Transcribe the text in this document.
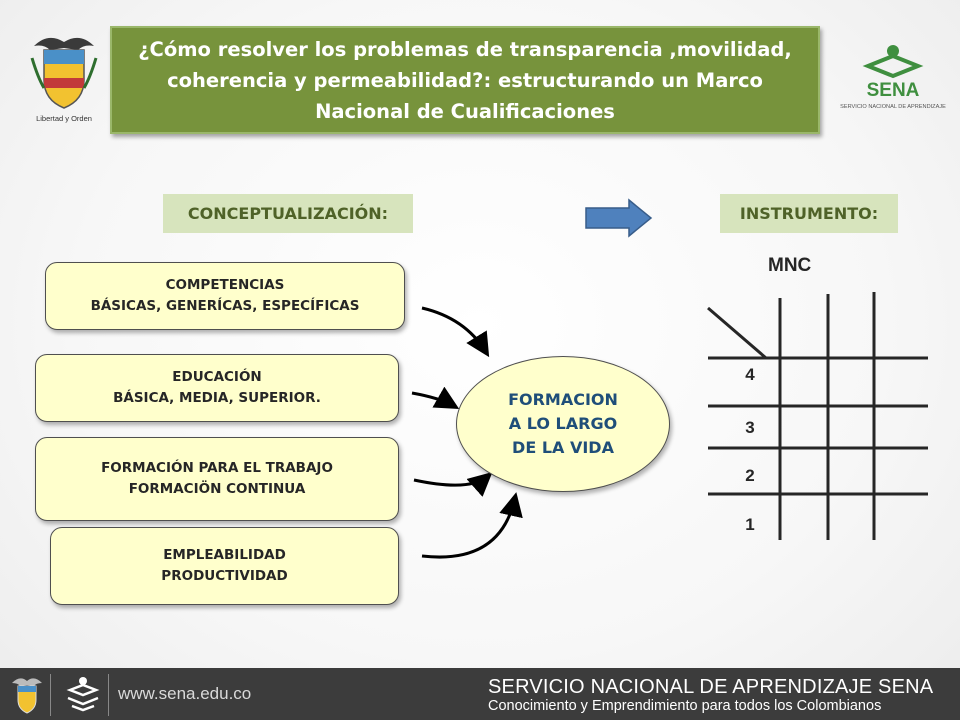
Libertad y Orden
¿Cómo resolver los problemas de transparencia ,movilidad, coherencia y permeabilidad?: estructurando un Marco Nacional de Cualificaciones
SENA
SERVICIO NACIONAL DE APRENDIZAJE
CONCEPTUALIZACIÓN:	INSTRUMENTO:
COMPETENCIAS
BÁSICAS, GENERÍCAS, ESPECÍFICAS
EDUCACIÓN
BÁSICA, MEDIA, SUPERIOR.
FORMACIÓN PARA EL TRABAJO
FORMACIÖN CONTINUA
EMPLEABILIDAD
PRODUCTIVIDAD
FORMACION
A LO LARGO
DE LA VIDA
MNC
4
3
2
1
www.sena.edu.co	SERVICIO NACIONAL DE APRENDIZAJE SENA
Conocimiento y Emprendimiento para todos los Colombianos
